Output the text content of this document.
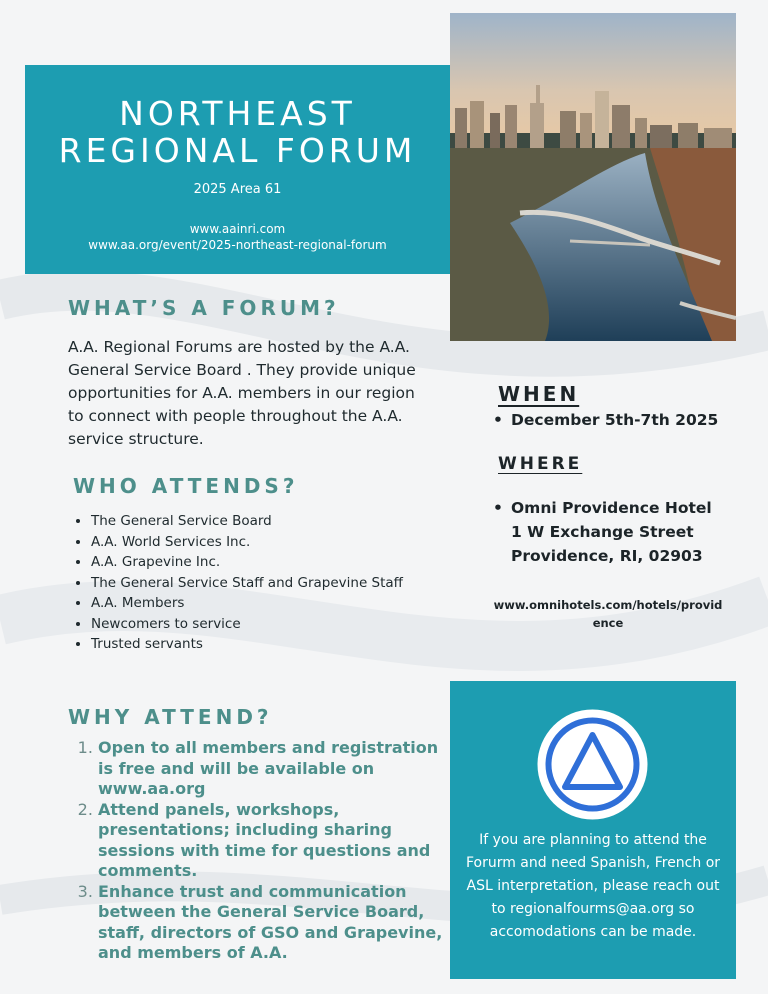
NORTHEAST
REGIONAL FORUM
2025 Area 61
www.aainri.com
www.aa.org/event/2025-northeast-regional-forum
WHAT’S A FORUM?
A.A. Regional Forums are hosted by the A.A. General Service Board . They provide unique opportunities for A.A. members in our region to connect with people throughout the A.A. service structure.
WHO ATTENDS?
• The General Service Board
• A.A. World Services Inc.
• A.A. Grapevine Inc.
• The General Service Staff and Grapevine Staff
• A.A. Members
• Newcomers to service
• Trusted servants
WHY ATTEND?
1. Open to all members and registration is free and will be available on www.aa.org
2. Attend panels, workshops, presentations; including sharing sessions with time for questions and comments.
3. Enhance trust and communication between the General Service Board, staff, directors of GSO and Grapevine, and members of A.A.
WHEN
• December 5th-7th 2025
WHERE
• Omni Providence Hotel
1 W Exchange Street
Providence, RI, 02903
www.omnihotels.com/hotels/provid
ence
If you are planning to attend the Forurm and need Spanish, French or ASL interpretation, please reach out to regionalfourms@aa.org so accomodations can be made.
